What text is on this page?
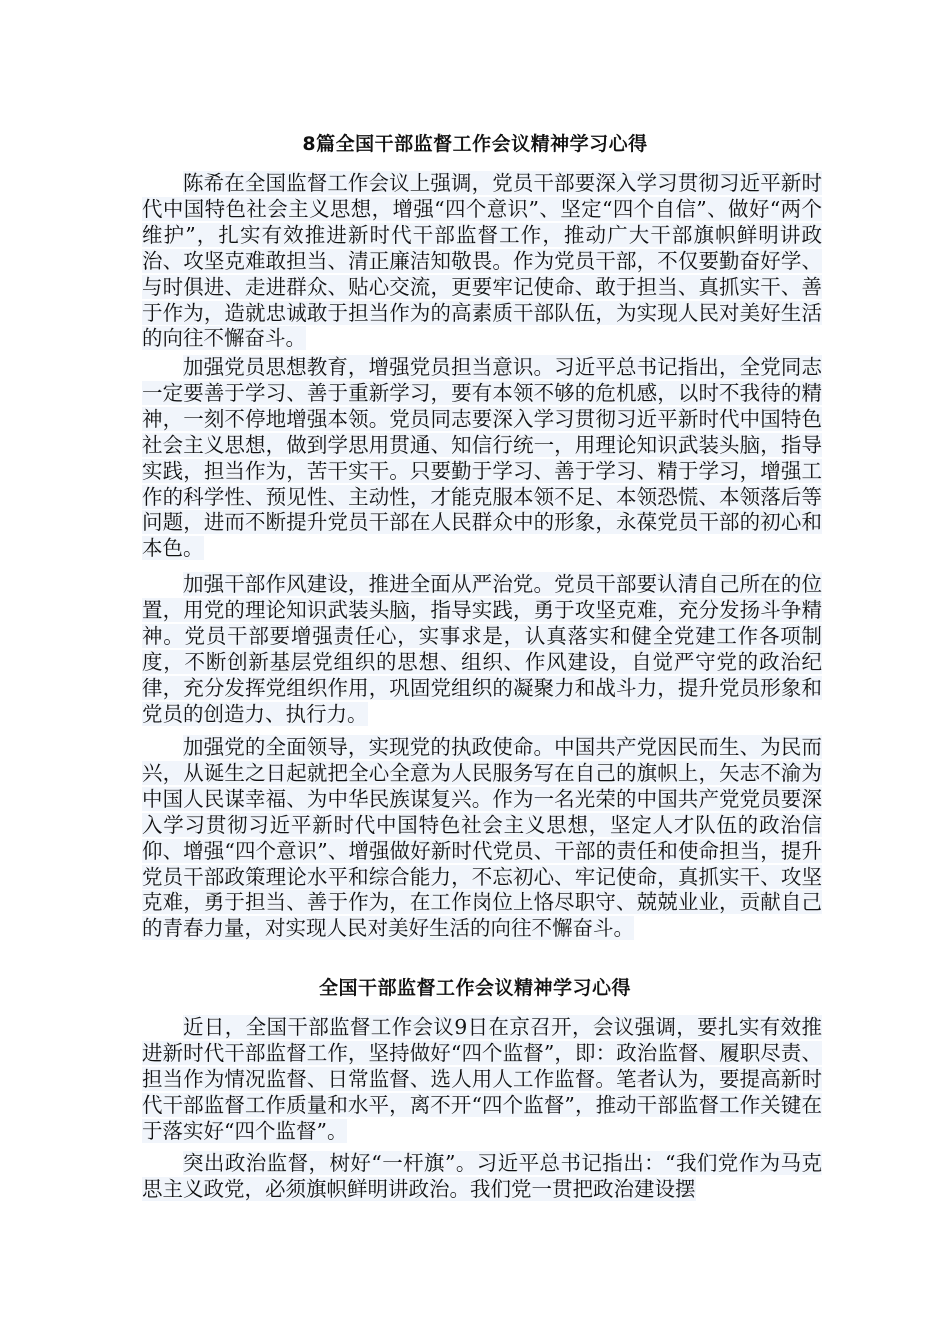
8篇全国干部监督工作会议精神学习心得

陈希在全国监督工作会议上强调，党员干部要深入学习贯彻习近平新时代中国特色社会主义思想，增强“四个意识”、坚定“四个自信”、做好“两个维护”，扎实有效推进新时代干部监督工作，推动广大干部旗帜鲜明讲政治、攻坚克难敢担当、清正廉洁知敬畏。作为党员干部，不仅要勤奋好学、与时俱进、走进群众、贴心交流，更要牢记使命、敢于担当、真抓实干、善于作为，造就忠诚敢于担当作为的高素质干部队伍，为实现人民对美好生活的向往不懈奋斗。

加强党员思想教育，增强党员担当意识。习近平总书记指出，全党同志一定要善于学习、善于重新学习，要有本领不够的危机感，以时不我待的精神，一刻不停地增强本领。党员同志要深入学习贯彻习近平新时代中国特色社会主义思想，做到学思用贯通、知信行统一，用理论知识武装头脑，指导实践，担当作为，苦干实干。只要勤于学习、善于学习、精于学习，增强工作的科学性、预见性、主动性，才能克服本领不足、本领恐慌、本领落后等问题，进而不断提升党员干部在人民群众中的形象，永葆党员干部的初心和本色。

加强干部作风建设，推进全面从严治党。党员干部要认清自己所在的位置，用党的理论知识武装头脑，指导实践，勇于攻坚克难，充分发扬斗争精神。党员干部要增强责任心，实事求是，认真落实和健全党建工作各项制度，不断创新基层党组织的思想、组织、作风建设，自觉严守党的政治纪律，充分发挥党组织作用，巩固党组织的凝聚力和战斗力，提升党员形象和党员的创造力、执行力。

加强党的全面领导，实现党的执政使命。中国共产党因民而生、为民而兴，从诞生之日起就把全心全意为人民服务写在自己的旗帜上，矢志不渝为中国人民谋幸福、为中华民族谋复兴。作为一名光荣的中国共产党党员要深入学习贯彻习近平新时代中国特色社会主义思想，坚定人才队伍的政治信仰、增强“四个意识”、增强做好新时代党员、干部的责任和使命担当，提升党员干部政策理论水平和综合能力，不忘初心、牢记使命，真抓实干、攻坚克难，勇于担当、善于作为，在工作岗位上恪尽职守、兢兢业业，贡献自己的青春力量，对实现人民对美好生活的向往不懈奋斗。

全国干部监督工作会议精神学习心得

近日，全国干部监督工作会议9日在京召开，会议强调，要扎实有效推进新时代干部监督工作，坚持做好“四个监督”，即：政治监督、履职尽责、担当作为情况监督、日常监督、选人用人工作监督。笔者认为，要提高新时代干部监督工作质量和水平，离不开“四个监督”，推动干部监督工作关键在于落实好“四个监督”。

突出政治监督，树好“一杆旗”。习近平总书记指出：“我们党作为马克思主义政党，必须旗帜鲜明讲政治。我们党一贯把政治建设摆
